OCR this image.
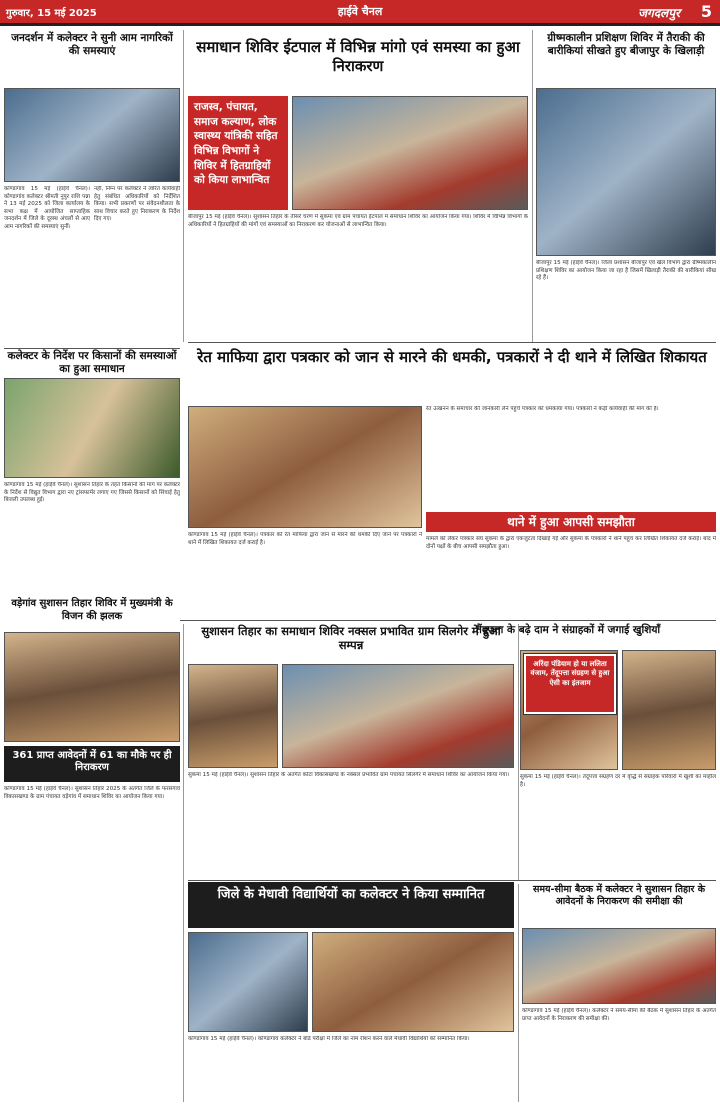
गुरुवार, 15 मई 2025	हाईवे चैनल	जगदलपुर 5
जनदर्शन में कलेक्टर ने सुनी आम नागरिकों की समस्याएं
कोण्डागांव 15 मई (हाईवे चैनल)। कोण्डागांव कलेक्टर श्रीमती नुपुर राशि पन्ना ने 13 मई 2025 को जिला कार्यालय के सभा कक्ष में आयोजित साप्ताहिक जनदर्शन में जिले के दूरस्थ अंचलों से आए आम नागरिकों की समस्याएं सुनीं।
नहीं, निम्न पर कलेक्टर ने त्वरित कार्यवाही हेतु संबंधित अधिकारियों को निर्देशित किया। सभी प्रकरणों पर संवेदनशीलता के साथ विचार करते हुए निराकरण के निर्देश दिए गए।
कलेक्टर के निर्देश पर किसानों की समस्याओं का हुआ समाधान
कोण्डागांव 15 मई (हाईवे चैनल)। सुशासन तिहार के तहत किसानों की मांग पर कलेक्टर के निर्देश से विद्युत विभाग द्वारा नए ट्रांसफार्मर लगाए गए जिससे किसानों को सिंचाई हेतु बिजली उपलब्ध हुई।
समाधान शिविर ईटपाल में विभिन्न मांगो एवं समस्या का हुआ निराकरण
राजस्व, पंचायत, समाज कल्याण, लोक स्वास्थ्य यांत्रिकी सहित विभिन्न विभागों ने शिविर में हितग्राहियों को किया लाभान्वित
बीजापुर 15 मई (हाईवे चैनल)। सुशासन तिहार के तीसरे चरण में सुकमा एवं ग्राम पंचायत ईटपाल में समाधान शिविर का आयोजन किया गया। शिविर में विभिन्न विभागों के अधिकारियों ने हितग्राहियों की मांगों एवं समस्याओं का निराकरण कर योजनाओं से लाभान्वित किया।
ग्रीष्मकालीन प्रशिक्षण शिविर में तैराकी की बारीकियां सीखते हुए बीजापुर के खिलाड़ी
बीजापुर 15 मई (हाईवे चैनल)। जिला प्रशासन बीजापुर एवं खेल विभाग द्वारा ग्रीष्मकालीन प्रशिक्षण शिविर का आयोजन किया जा रहा है जिसमें खिलाड़ी तैराकी की बारीकियां सीख रहे हैं।
रेत माफिया द्वारा पत्रकार को जान से मारने की धमकी, पत्रकारों ने दी थाने में लिखित शिकायत
रेत उत्खनन के समाचार की जानकारी लेने पहुंचे पत्रकार को धमकाया गया। पत्रकारों ने कड़ी कार्यवाही की मांग की है।
कोण्डागांव 15 मई (हाईवे चैनल)। पत्रकार को रेत माफिया द्वारा जान से मारने की धमकी दिए जाने पर पत्रकारों ने थाने में लिखित शिकायत दर्ज कराई है।
थाने में हुआ आपसी समझौता
मामले को लेकर पत्रकार संघ सुकमा के द्वारा एकजुटता दिखाई गई और सुकमा के पत्रकारों ने थाने पहुंच कर लिखित शिकायत दर्ज कराई। बाद में दोनों पक्षों के बीच आपसी समझौता हुआ।
वड़ेगांव सुशासन तिहार शिविर में मुख्यमंत्री के विजन की झलक
361 प्राप्त आवेदनों में 61 का मौके पर ही निराकरण
कोण्डागांव 15 मई (हाईवे चैनल)। सुशासन तिहार 2025 के अंतर्गत जिले के फरसगांव विकासखण्ड के ग्राम पंचायत वड़ेगांव में समाधान शिविर का आयोजन किया गया।
सुशासन तिहार का समाधान शिविर नक्सल प्रभावित ग्राम सिलगेर में हुआ सम्पन्न
सुकमा 15 मई (हाईवे चैनल)। सुशासन तिहार के अंतर्गत कोंटा विकासखण्ड के नक्सल प्रभावित ग्राम पंचायत सिलगेर में समाधान शिविर का आयोजन किया गया।
तेंदूपत्ता के बढ़े दाम ने संग्राहकों में जगाई खुशियाँ
अरिंदा पंडियाम हो या ललिता वंजाम, तेंदूपत्ता संग्रहण से हुआ ऐसी का इंतजाम
सुकमा 15 मई (हाईवे चैनल)। तेंदूपत्ता संग्रहण दर में वृद्धि से संग्राहक परिवारों में खुशी का माहौल है।
जिले के मेधावी विद्यार्थियों का कलेक्टर ने किया सम्मानित
कोण्डागांव 15 मई (हाईवे चैनल)। कोण्डागांव कलेक्टर ने बोर्ड परीक्षा में जिले का नाम रोशन करने वाले मेधावी विद्यार्थियों को सम्मानित किया।
समय-सीमा बैठक में कलेक्टर ने सुशासन तिहार के आवेदनों के निराकरण की समीक्षा की
कोण्डागांव 15 मई (हाईवे चैनल)। कलेक्टर ने समय-सीमा की बैठक में सुशासन तिहार के अंतर्गत प्राप्त आवेदनों के निराकरण की समीक्षा की।
